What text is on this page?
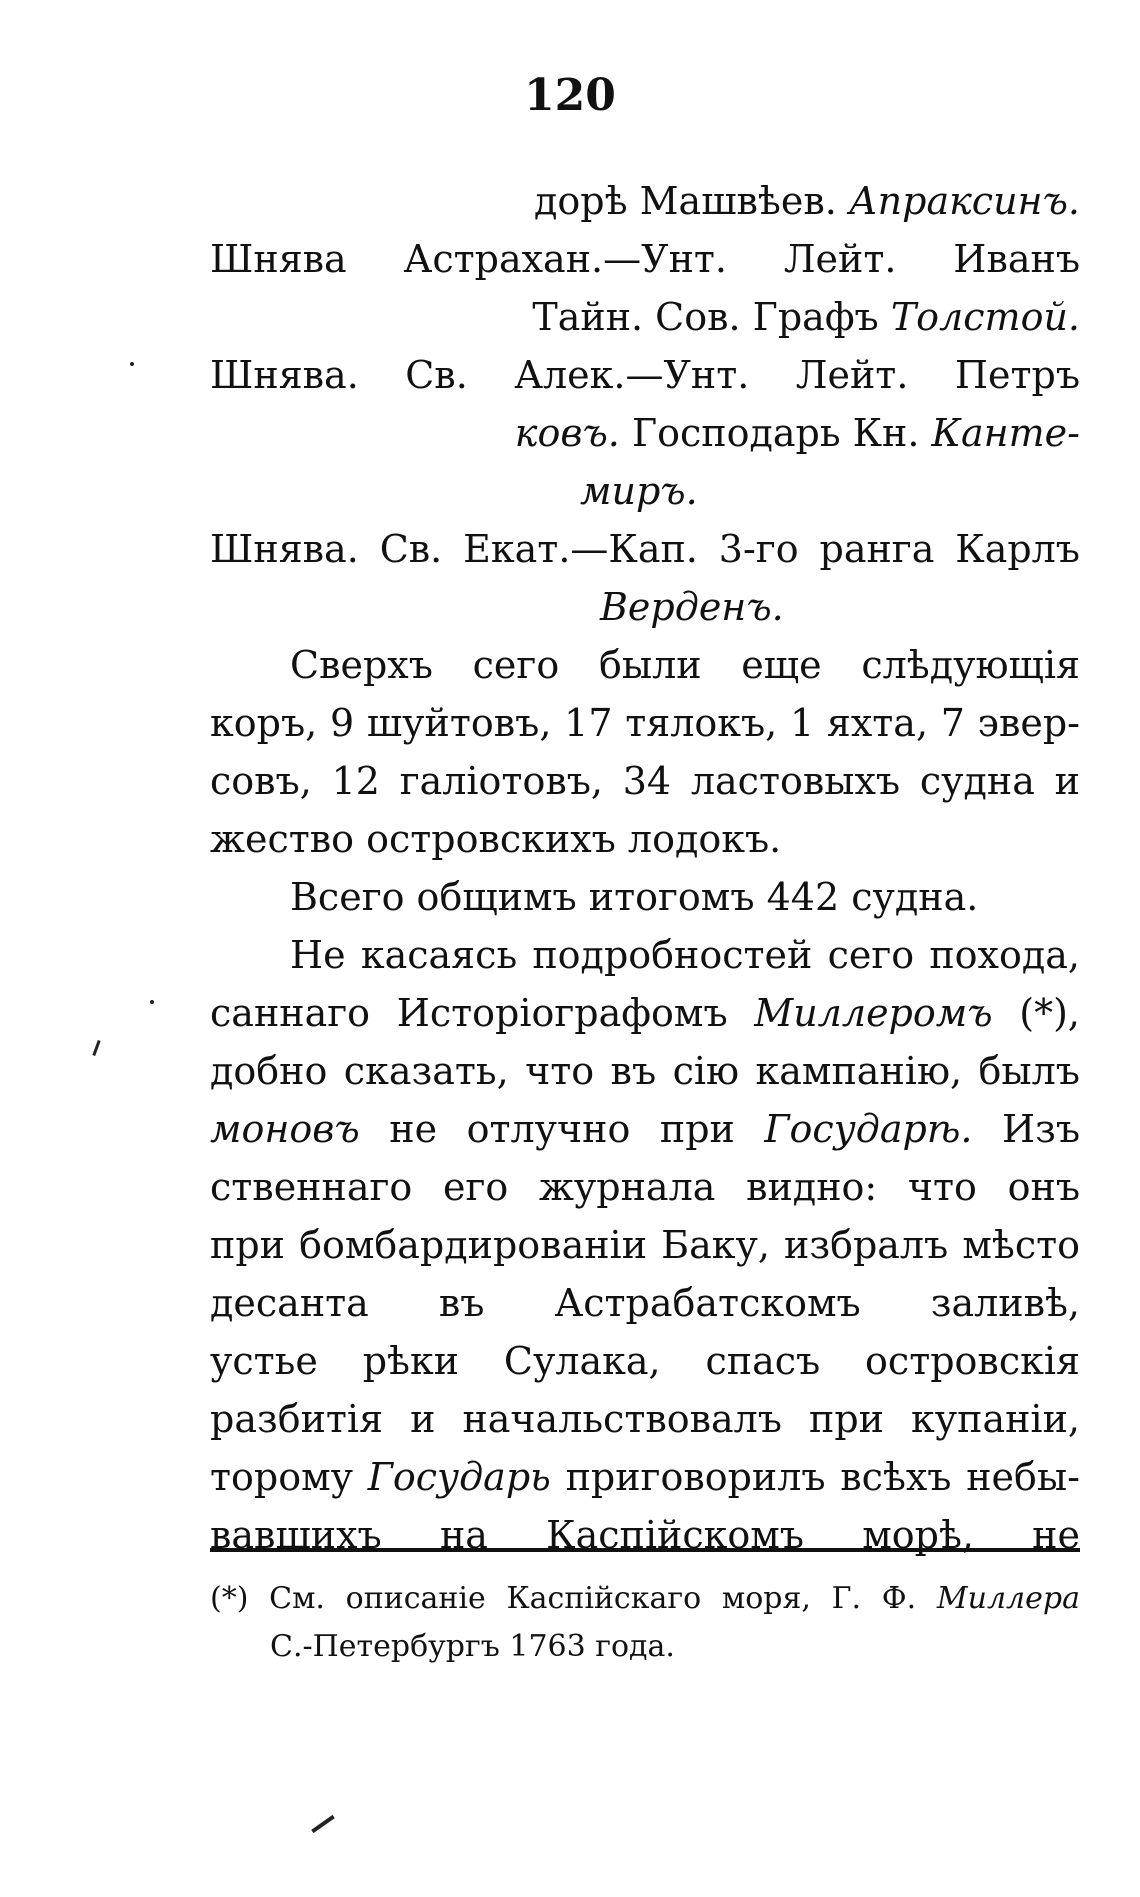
120
дорѣ Машвѣев. Апраксинъ.
Шнява Астрахан.—Унт. Лейт. Иванъ
Тайн. Сов. Графъ Толстой.
Шнява. Св. Алек.—Унт. Лейт. Петръ
ковъ. Господарь Кн. Канте-
миръ.
Шнява. Св. Екат.—Кап. 3-го ранга Карлъ
Верденъ.
Сверхъ сего были еще слѣдующія
коръ, 9 шуйтовъ, 17 тялокъ, 1 яхта, 7 эвер-
совъ, 12 галіотовъ, 34 ластовыхъ судна и
жество островскихъ лодокъ.
Всего общимъ итогомъ 442 судна.
Не касаясь подробностей сего похода,
саннаго Исторіографомъ Миллеромъ (*),
добно сказать, что въ сію кампанію, былъ
моновъ не отлучно при Государѣ. Изъ
ственнаго его журнала видно: что онъ
при бомбардированіи Баку, избралъ мѣсто
десанта въ Астрабатскомъ заливѣ,
устье рѣки Сулака, спасъ островскія
разбитія и начальствовалъ при купаніи,
торому Государь приговорилъ всѣхъ небы-
вавшихъ на Каспійскомъ морѣ, не
(*) См. описаніе Каспійскаго моря, Г. Ф. Миллера
С.-Петербургъ 1763 года.
